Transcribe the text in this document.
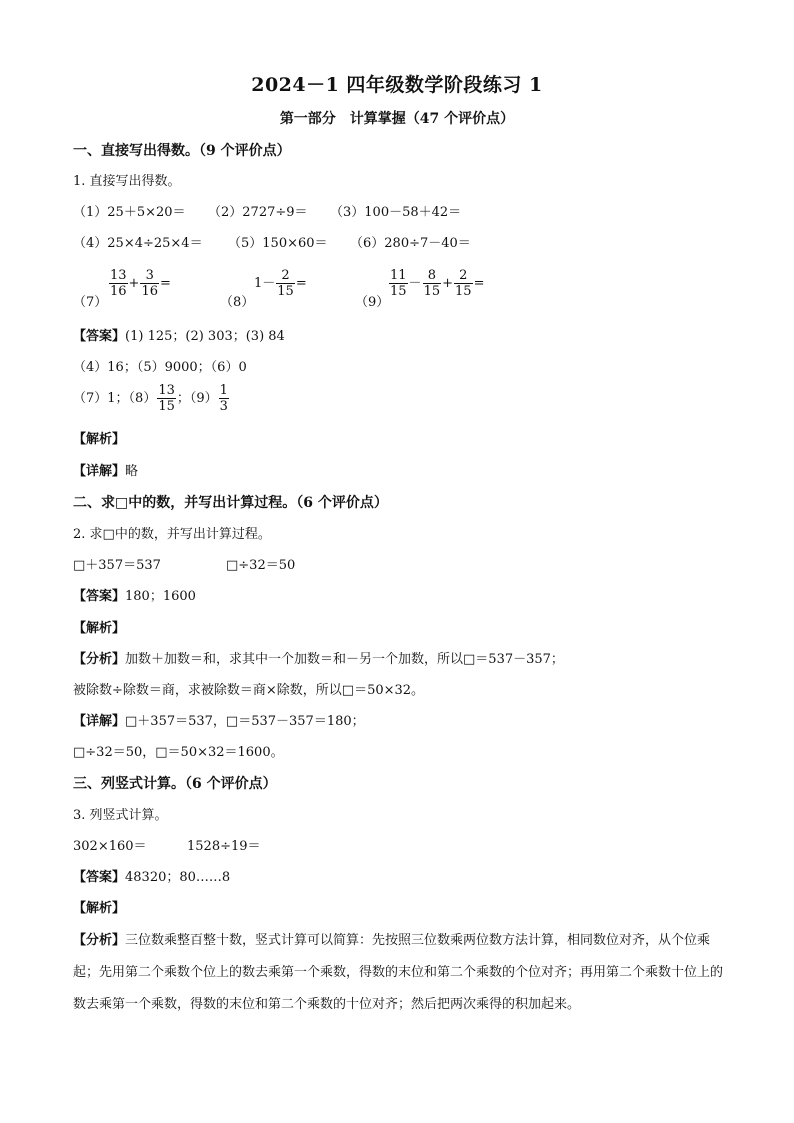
2024－1 四年级数学阶段练习 1
第一部分　计算掌握（47 个评价点）
一、直接写出得数。（9 个评价点）
1. 直接写出得数。
（1）25＋5×20＝ （2）2727÷9＝ （3）100－58＋42＝
（4）25×4÷25×4＝ （5）150×60＝ （6）280÷7－40＝
（7）
$\frac{13}{16} + \frac{3}{16}$ =
（8）
$1- \frac{2}{15}$ =
（9）
$\frac{11}{15} - \frac{8}{15} + \frac{2}{15}$ =
【答案】(1) 125；(2) 303；(3) 84
（4）16；（5）9000；（6）0
（7）1；$(8) \frac{13}{15}$ ；$(9) \frac{1}{3}$
【解析】
【详解】略
二、求□中的数，并写出计算过程。（6 个评价点）
2. 求□中的数，并写出计算过程。
□＋357＝537	□÷32＝50
【答案】180；1600
【解析】
【分析】加数＋加数＝和，求其中一个加数＝和－另一个加数，所以□＝537－357；
被除数÷除数＝商，求被除数＝商×除数，所以□＝50×32。
【详解】□＋357＝537，□＝537－357＝180；
□÷32＝50，□＝50×32＝1600。
三、列竖式计算。（6 个评价点）
3. 列竖式计算。
302×160＝	1528÷19＝
【答案】48320；80……8
【解析】
【分析】三位数乘整百整十数，竖式计算可以简算：先按照三位数乘两位数方法计算，相同数位对齐，从个位乘起；先用第二个乘数个位上的数去乘第一个乘数，得数的末位和第二个乘数的个位对齐；再用第二个乘数十位上的数去乘第一个乘数，得数的末位和第二个乘数的十位对齐；然后把两次乘得的积加起来。
